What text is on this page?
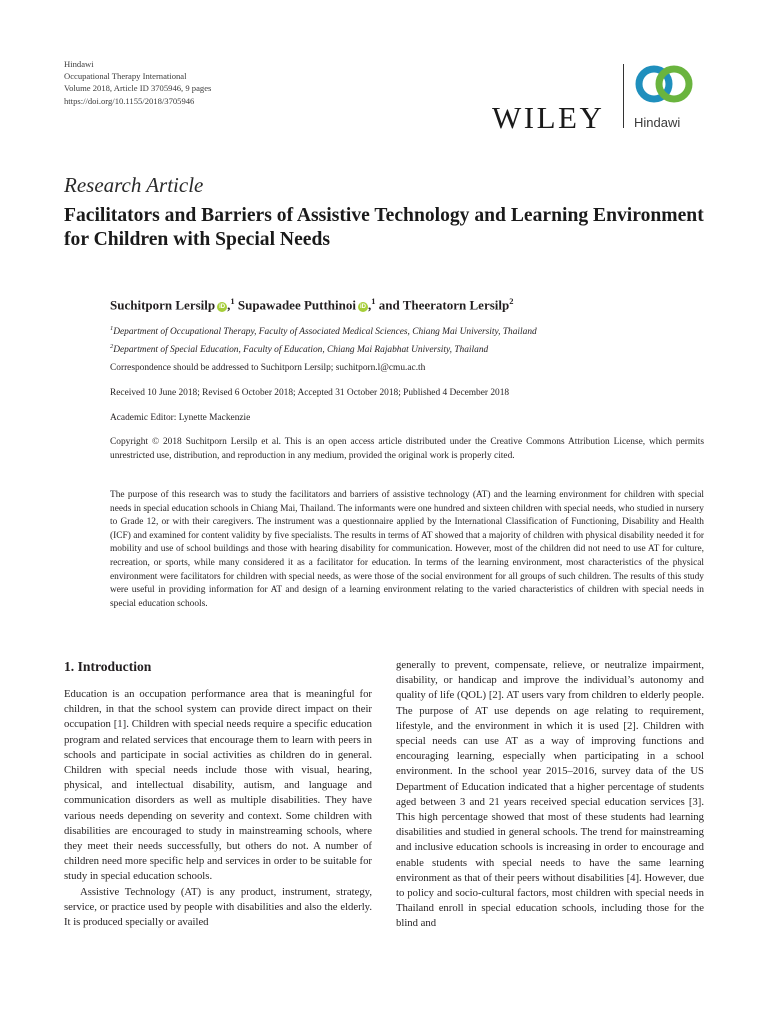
Hindawi
Occupational Therapy International
Volume 2018, Article ID 3705946, 9 pages
https://doi.org/10.1155/2018/3705946	WILEY Hindawi
Research Article
Facilitators and Barriers of Assistive Technology and Learning Environment for Children with Special Needs
Suchitporn Lersilp iD ,$^1$ Supawadee Putthinoi iD ,$^1$ and Theeratorn Lersilp$^2$
$^1$Department of Occupational Therapy, Faculty of Associated Medical Sciences, Chiang Mai University, Thailand
$^2$Department of Special Education, Faculty of Education, Chiang Mai Rajabhat University, Thailand
Correspondence should be addressed to Suchitporn Lersilp; suchitporn.l@cmu.ac.th
Received 10 June 2018; Revised 6 October 2018; Accepted 31 October 2018; Published 4 December 2018
Academic Editor: Lynette Mackenzie
Copyright © 2018 Suchitporn Lersilp et al. This is an open access article distributed under the Creative Commons Attribution License, which permits unrestricted use, distribution, and reproduction in any medium, provided the original work is properly cited.
The purpose of this research was to study the facilitators and barriers of assistive technology (AT) and the learning environment for children with special needs in special education schools in Chiang Mai, Thailand. The informants were one hundred and sixteen children with special needs, who studied in nursery to Grade 12, or with their caregivers. The instrument was a questionnaire applied by the International Classification of Functioning, Disability and Health (ICF) and examined for content validity by five specialists. The results in terms of AT showed that a majority of children with physical disability needed it for mobility and use of school buildings and those with hearing disability for communication. However, most of the children did not need to use AT for culture, recreation, or sports, while many considered it as a facilitator for education. In terms of the learning environment, most characteristics of the physical environment were facilitators for children with special needs, as were those of the social environment for all groups of such children. The results of this study were useful in providing information for AT and design of a learning environment relating to the varied characteristics of children with special needs in special education schools.
1. Introduction

Education is an occupation performance area that is meaningful for children, in that the school system can provide direct impact on their occupation [1]. Children with special needs require a specific education program and related services that encourage them to learn with peers in schools and participate in social activities as children do in general. Children with special needs include those with visual, hearing, physical, and intellectual disability, autism, and language and communication disorders as well as multiple disabilities. They have various needs depending on severity and context. Some children with disabilities are encouraged to study in mainstreaming schools, where they meet their needs successfully, but others do not. A number of children need more specific help and services in order to be suitable for study in special education schools.

Assistive Technology (AT) is any product, instrument, strategy, service, or practice used by people with disabilities and also the elderly. It is produced specially or availed

generally to prevent, compensate, relieve, or neutralize impairment, disability, or handicap and improve the individual’s autonomy and quality of life (QOL) [2]. AT users vary from children to elderly people. The purpose of AT use depends on age relating to requirement, lifestyle, and the environment in which it is used [2]. Children with special needs can use AT as a way of improving functions and encouraging learning, especially when participating in a school environment. In the school year 2015–2016, survey data of the US Department of Education indicated that a higher percentage of students aged between 3 and 21 years received special education services [3]. This high percentage showed that most of these students had learning disabilities and studied in general schools. The trend for mainstreaming and inclusive education schools is increasing in order to encourage and enable students with special needs to have the same learning environment as that of their peers without disabilities [4]. However, due to policy and socio-cultural factors, most children with special needs in Thailand enroll in special education schools, including those for the blind and
